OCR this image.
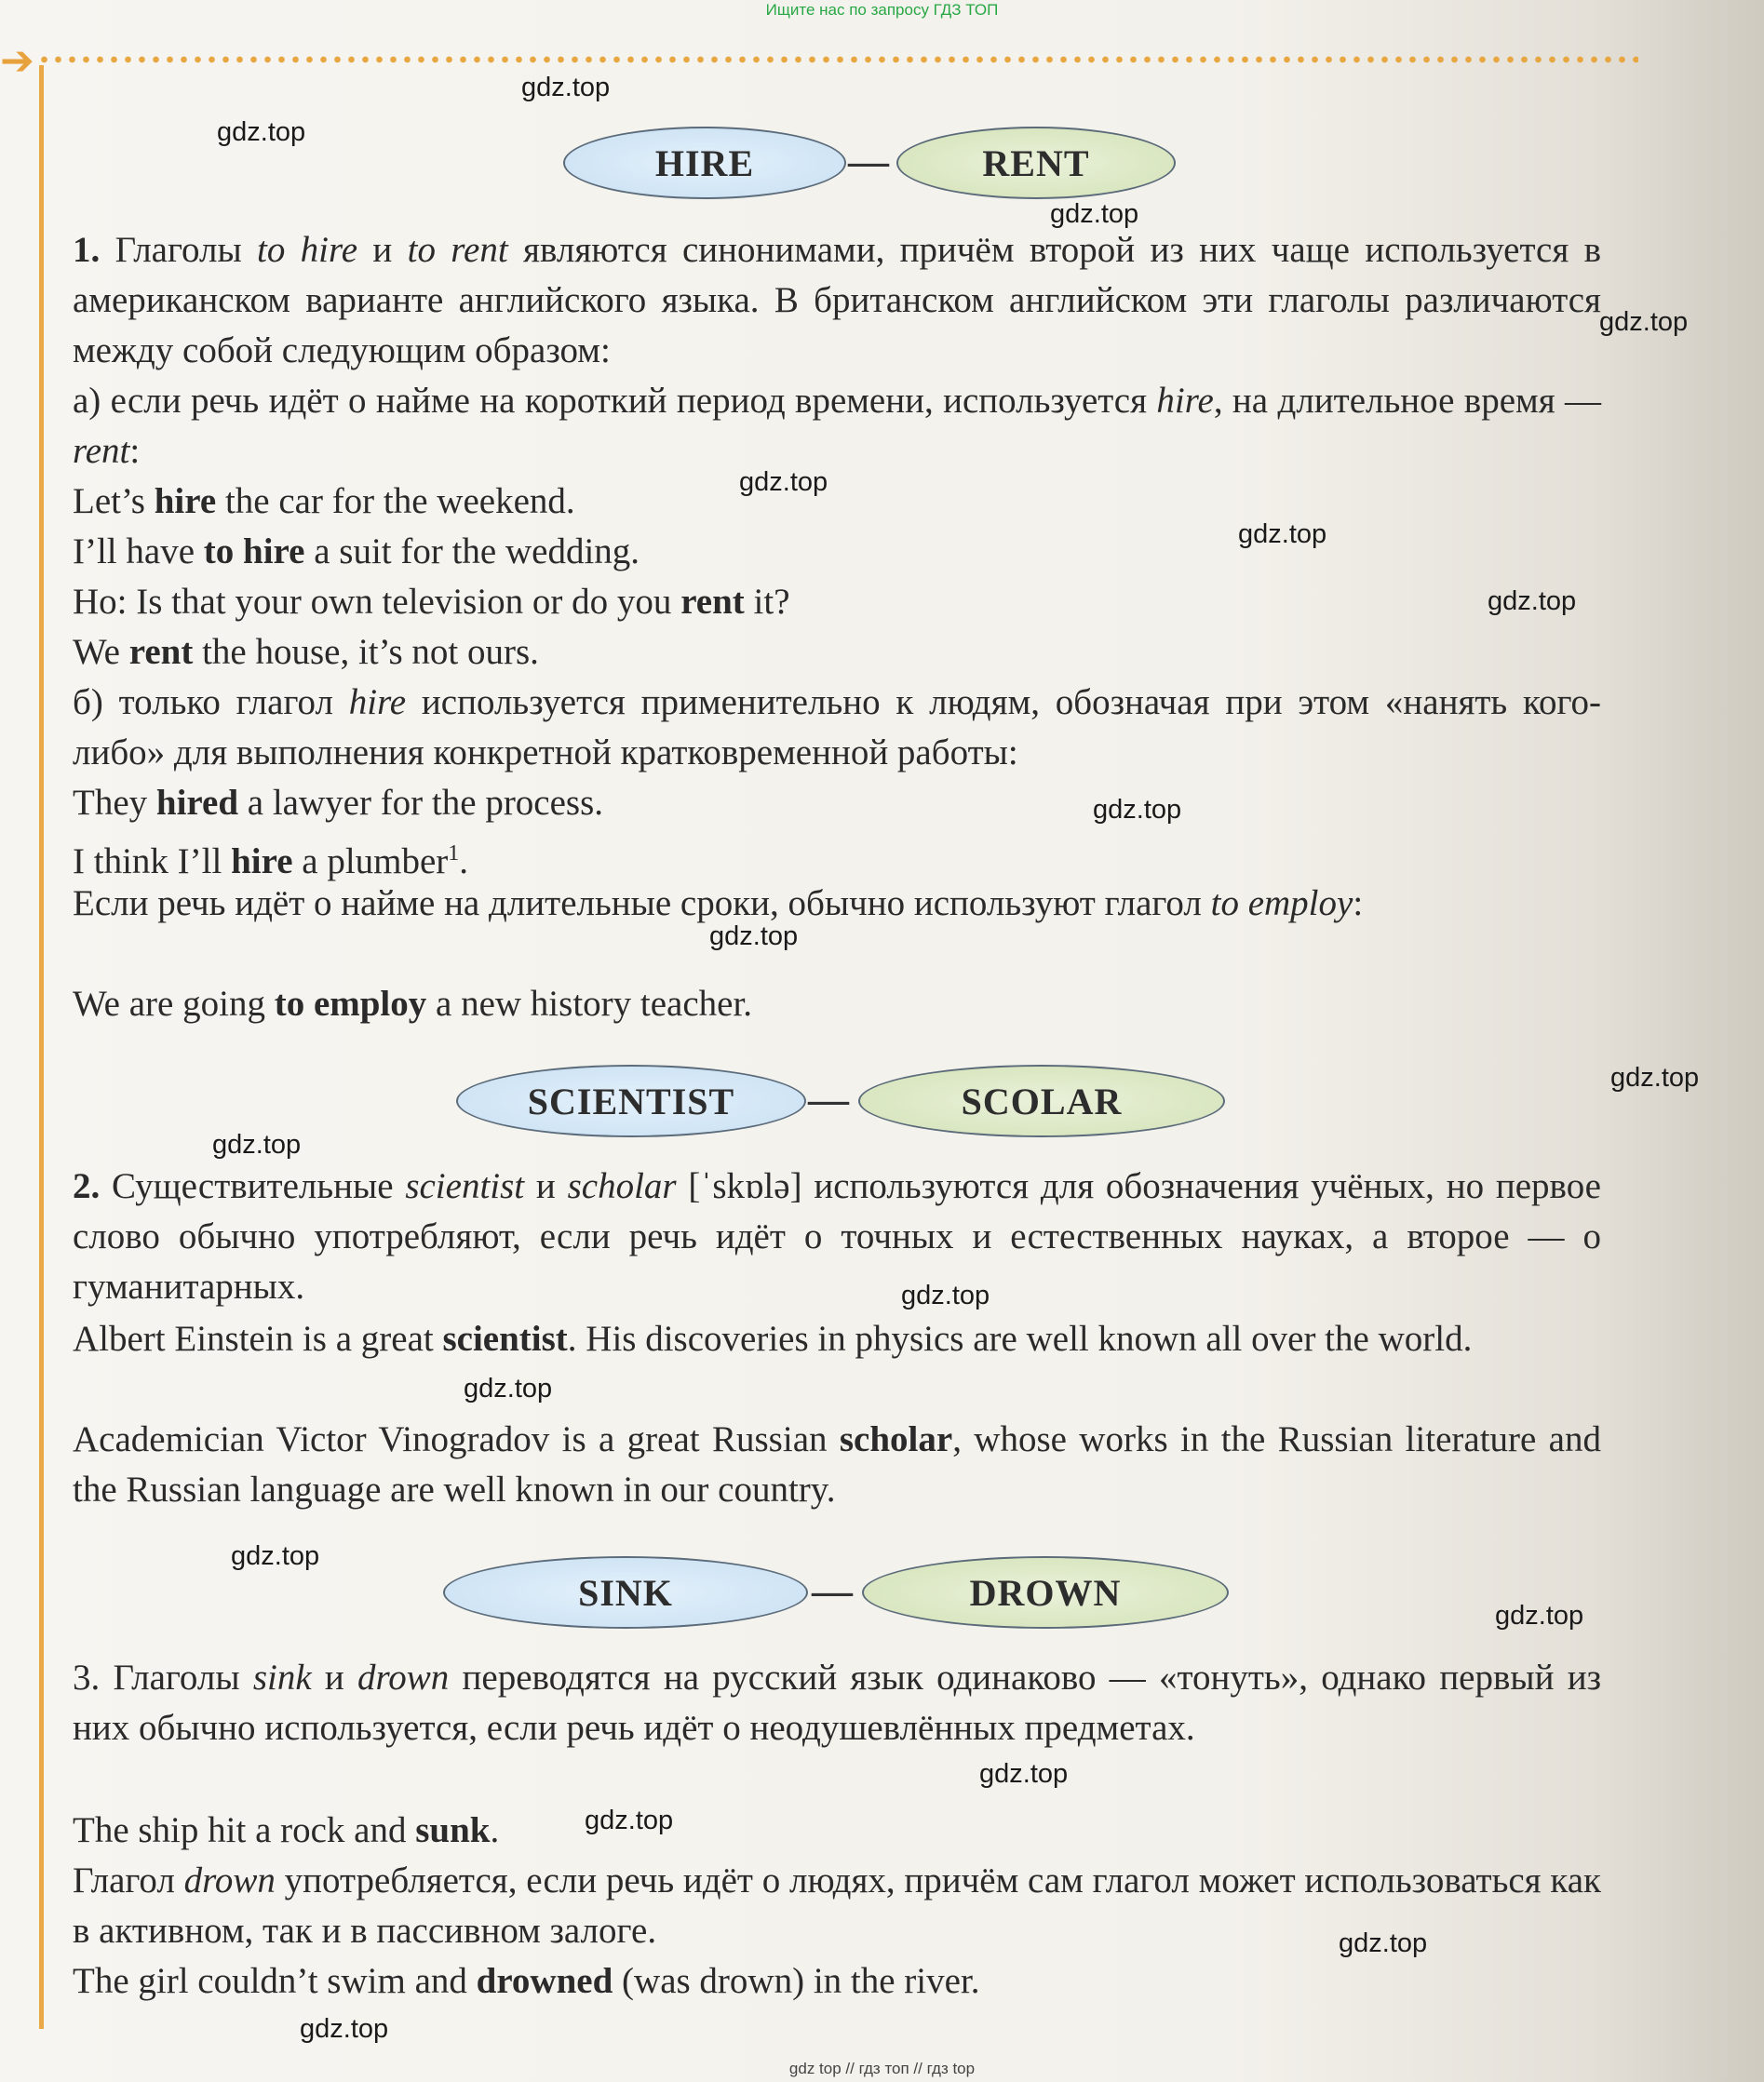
Ищите нас по запросу ГДЗ ТОП
➔
HIRE	—	RENT
1. Глаголы to hire и to rent являются синонимами, причём второй из них чаще используется в американском варианте английского языка. В британском английском эти глаголы различаются между собой следующим образом:
а) если речь идёт о найме на короткий период времени, используется hire, на длительное время — rent:
Let’s hire the car for the weekend.
I’ll have to hire a suit for the wedding.
Ho: Is that your own television or do you rent it?
We rent the house, it’s not ours.
б) только глагол hire используется применительно к людям, обозначая при этом «нанять кого-либо» для выполнения конкретной кратковременной работы:
They hired a lawyer for the process.
I think I’ll hire a plumber$^1$.
Если речь идёт о найме на длительные сроки, обычно используют глагол to employ:
We are going to employ a new history teacher.
SCIENTIST	—	SCOLAR
2. Существительные scientist и scholar [ˈskɒlə] используются для обозначения учёных, но первое слово обычно употребляют, если речь идёт о точных и естественных науках, а второе — о гуманитарных.
Albert Einstein is a great scientist. His discoveries in physics are well known all over the world.
Academician Victor Vinogradov is a great Russian scholar, whose works in the Russian literature and the Russian language are well known in our country.
SINK	—	DROWN
3. Глаголы sink и drown переводятся на русский язык одинаково — «тонуть», однако первый из них обычно используется, если речь идёт о неодушевлённых предметах.
The ship hit a rock and sunk.
Глагол drown употребляется, если речь идёт о людях, причём сам глагол может использоваться как в активном, так и в пассивном залоге.
The girl couldn’t swim and drowned (was drown) in the river.
gdz.top
gdz.top
gdz.top
gdz.top
gdz.top
gdz.top
gdz.top
gdz.top
gdz.top
gdz.top
gdz.top
gdz.top
gdz.top
gdz.top
gdz.top
gdz.top
gdz.top
gdz.top
gdz.top
gdz top // гдз топ // гдз top
